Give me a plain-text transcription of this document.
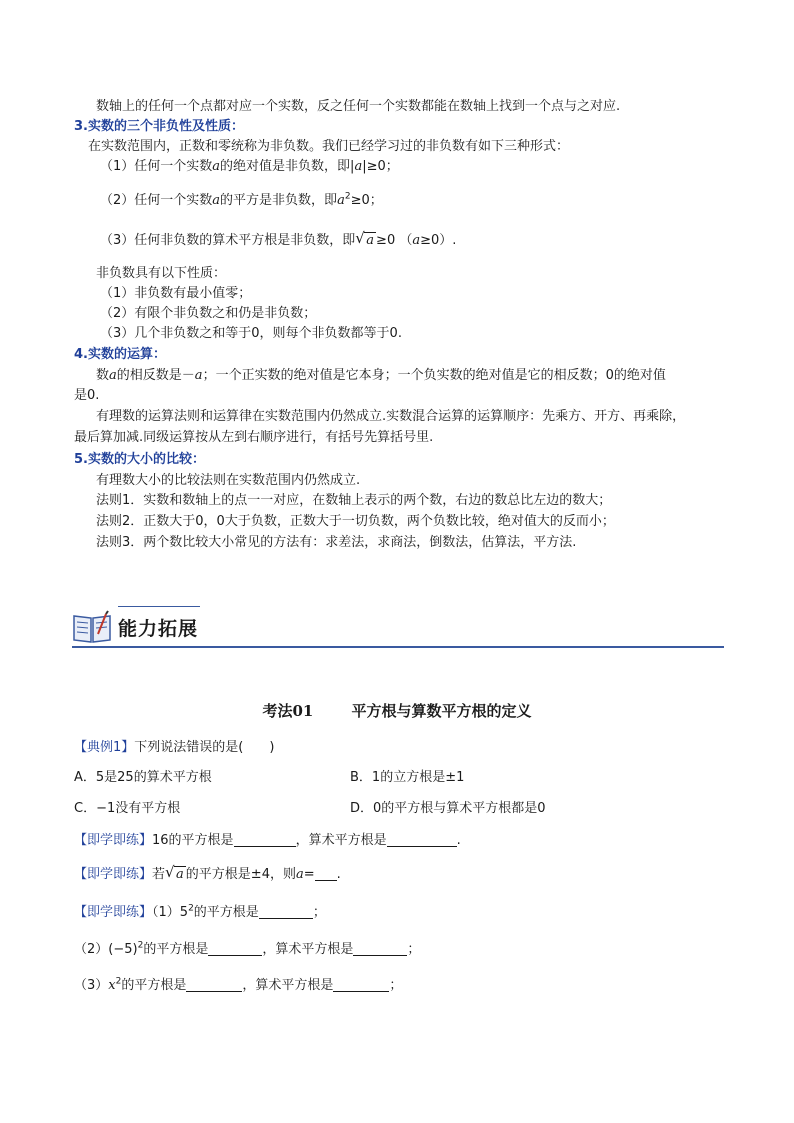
数轴上的任何一个点都对应一个实数，反之任何一个实数都能在数轴上找到一个点与之对应.
3.实数的三个非负性及性质：
在实数范围内，正数和零统称为非负数。我们已经学习过的非负数有如下三种形式：
（1）任何一个实数a的绝对值是非负数，即|a|≥0；
（2）任何一个实数a的平方是非负数，即$a^2\ge 0$；
（3）任何非负数的算术平方根是非负数，即 √ a ≥0 （a≥0）.
非负数具有以下性质：
（1）非负数有最小值零；
（2）有限个非负数之和仍是非负数；
（3）几个非负数之和等于0，则每个非负数都等于0.
4.实数的运算：
数a的相反数是－a；一个正实数的绝对值是它本身；一个负实数的绝对值是它的相反数；0的绝对值
是0.
有理数的运算法则和运算律在实数范围内仍然成立.实数混合运算的运算顺序：先乘方、开方、再乘除，
最后算加减.同级运算按从左到右顺序进行，有括号先算括号里.
5.实数的大小的比较：
有理数大小的比较法则在实数范围内仍然成立.
法则1．实数和数轴上的点一一对应，在数轴上表示的两个数，右边的数总比左边的数大；
法则2．正数大于0，0大于负数，正数大于一切负数，两个负数比较，绝对值大的反而小；
法则3．两个数比较大小常见的方法有：求差法，求商法，倒数法，估算法，平方法.
能力拓展
考法01　 平方根与算数平方根的定义
【典例1】下列说法错误的是(　　)
A．5是25的算术平方根	B．1的立方根是±1
C．−1没有平方根	D．0的平方根与算术平方根都是0
【即学即练】16的平方根是	，算术平方根是	.
【即学即练】若 √ a 的平方根是±4，则a= .
【即学即练】$(1)5^2$的平方根是	；
$(2)(-5)^2$的平方根是	，算术平方根是	；
$(3)x^2$的平方根是	，算术平方根是	；
